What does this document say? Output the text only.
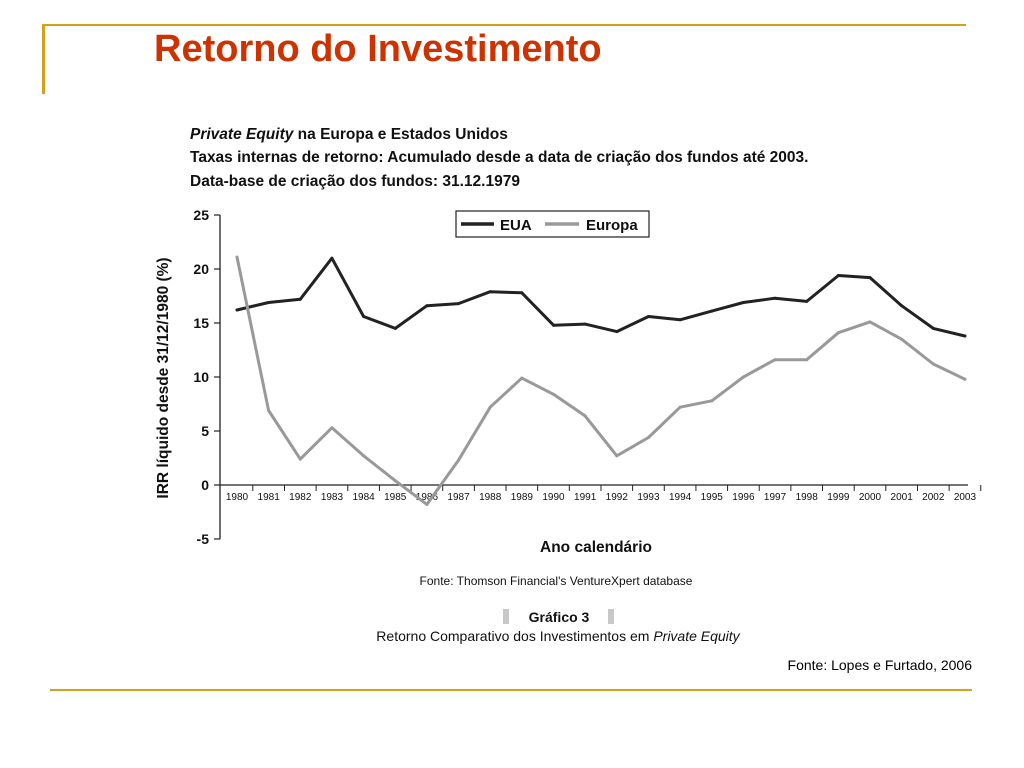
Retorno do Investimento
Private Equity na Europa e Estados Unidos
Taxas internas de retorno: Acumulado desde a data de criação dos fundos até 2003.
Data-base de criação dos fundos: 31.12.1979
25
20
15
10
5
0
-5
1980 1981 1982 1983 1984 1985 1986 1987 1988 1989 1990 1991 1992 1993 1994 1995 1996 1997 1998 1999 2000 2001 2002 2003
EUA	Europa
Ano calendário
IRR líquido desde 31/12/1980 (%)
Fonte: Thomson Financial's VentureXpert database
Gráfico 3
Retorno Comparativo dos Investimentos em Private Equity
Fonte: Lopes e Furtado, 2006
